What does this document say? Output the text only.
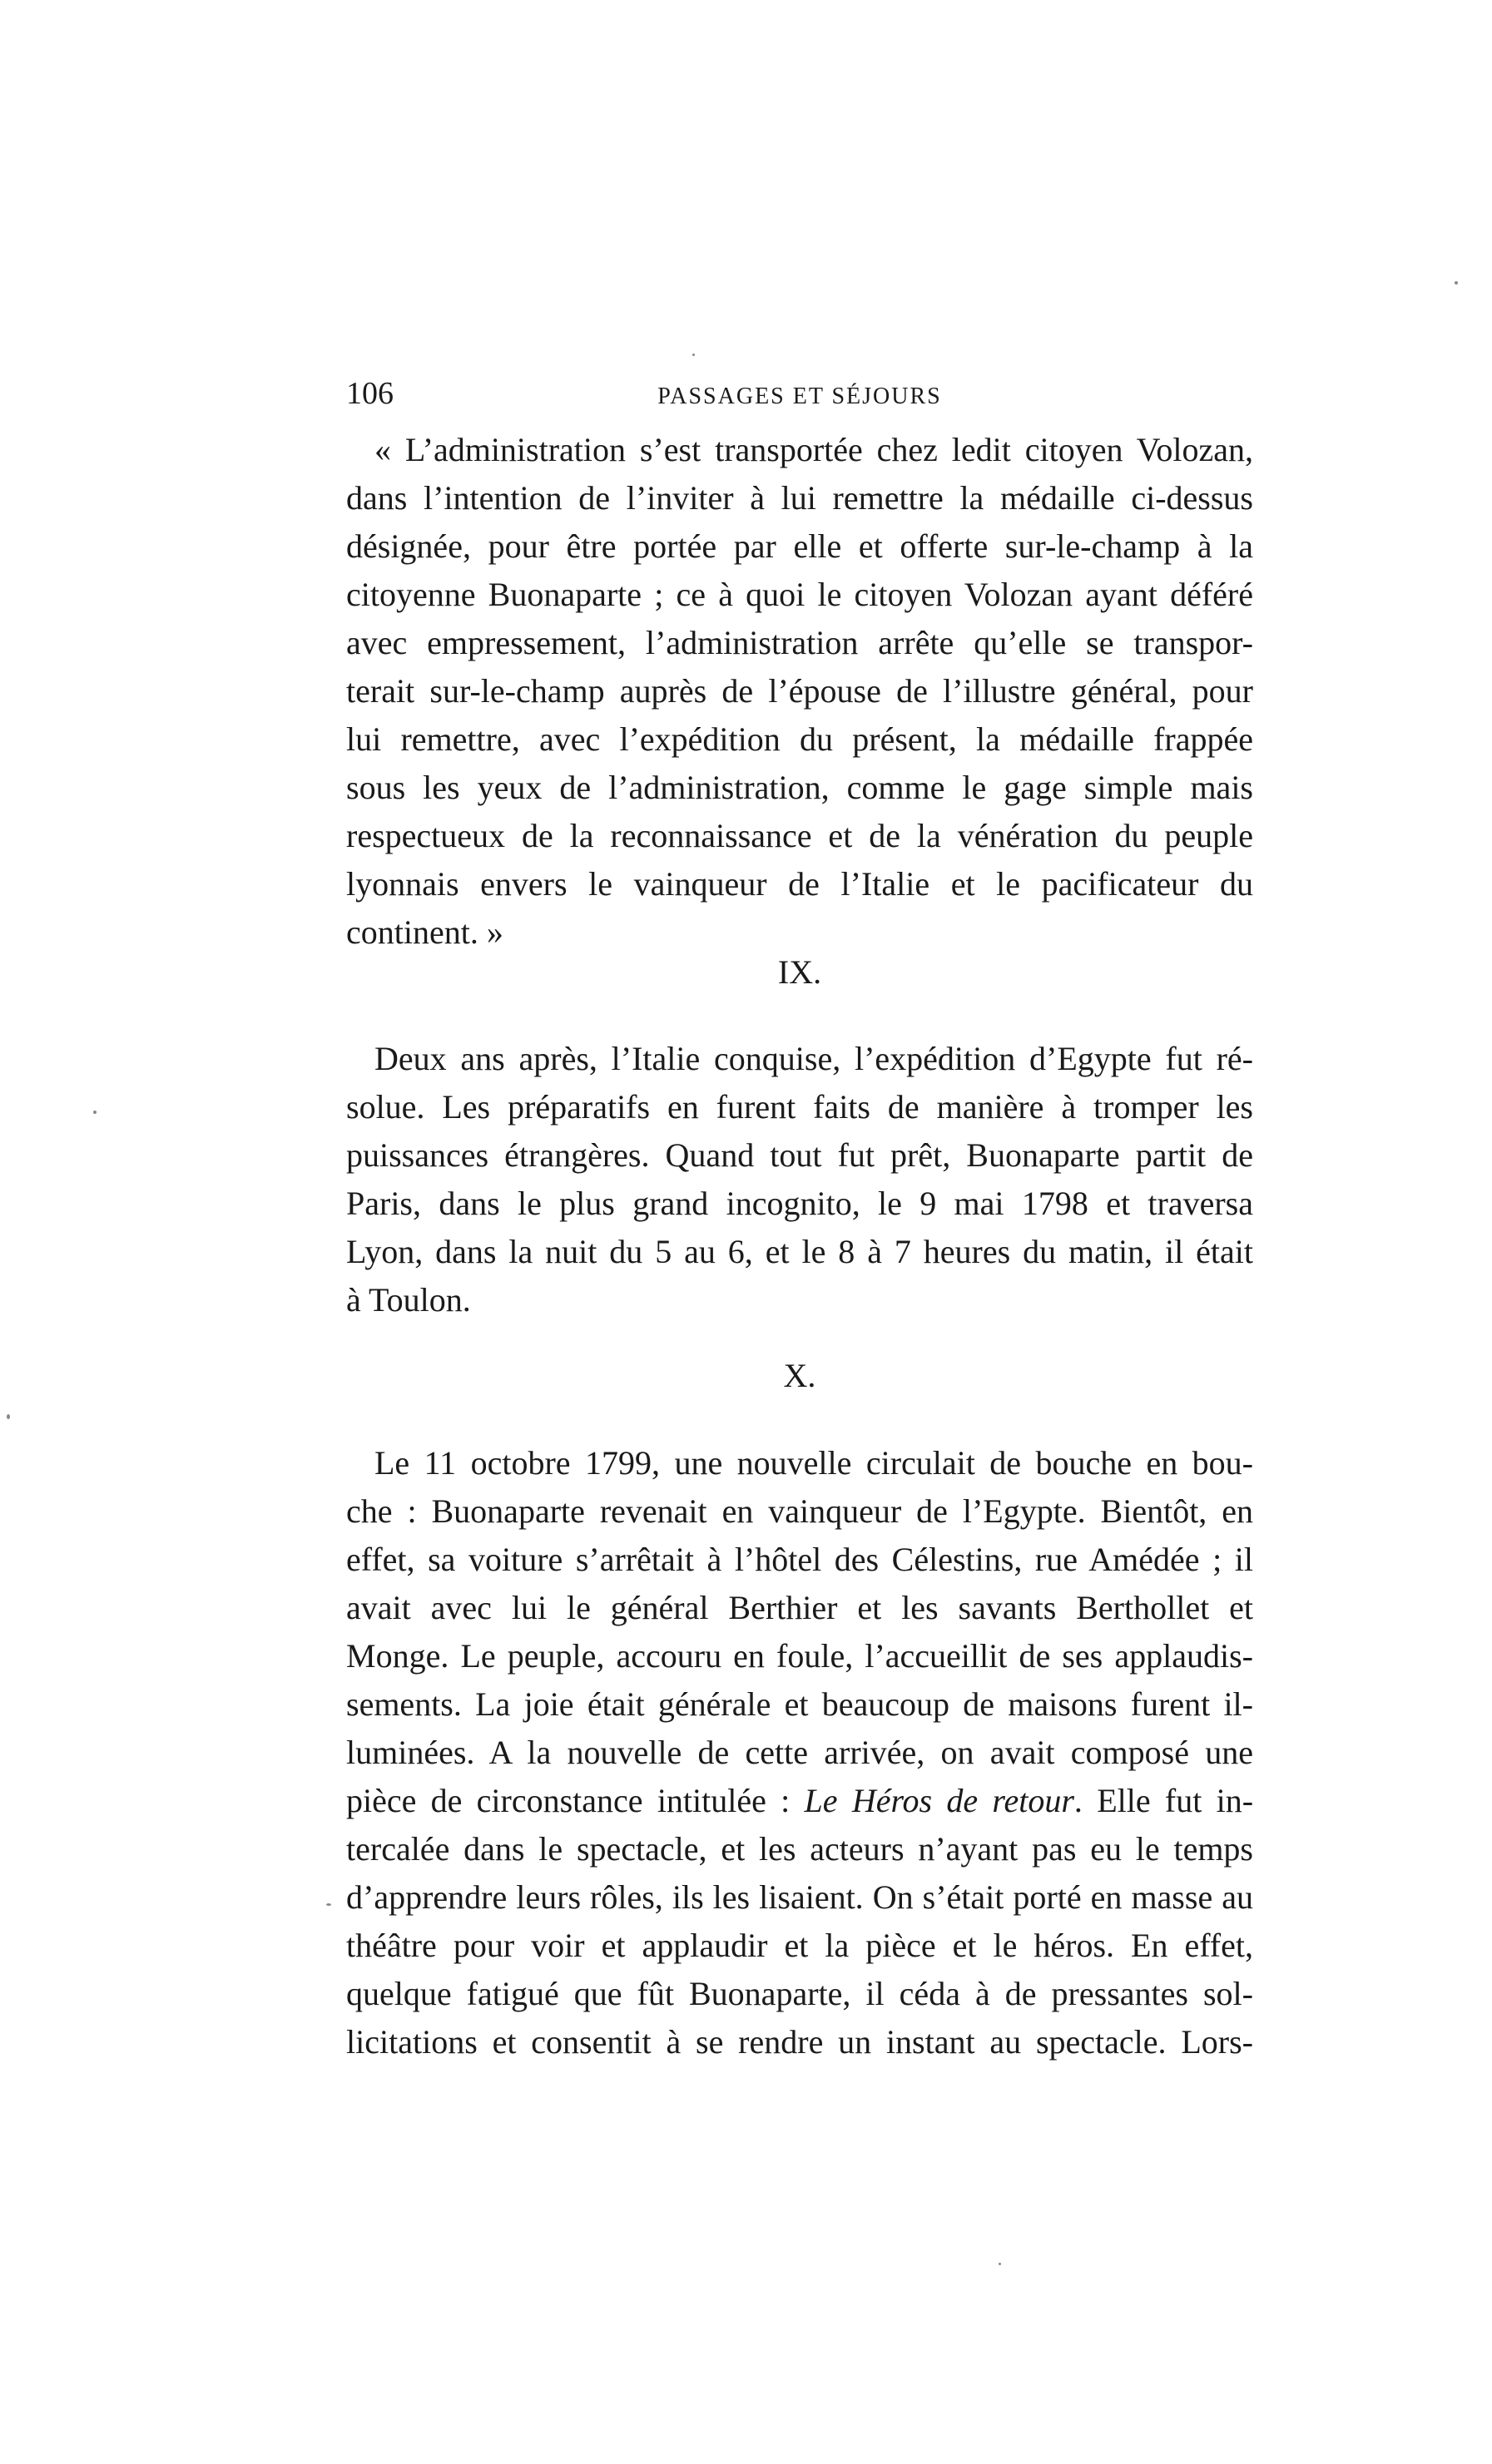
106	PASSAGES ET SÉJOURS
« L’administration s’est transportée chez ledit citoyen Volozan,
dans l’intention de l’inviter à lui remettre la médaille ci-dessus
désignée, pour être portée par elle et offerte sur-le-champ à la
citoyenne Buonaparte ; ce à quoi le citoyen Volozan ayant déféré
avec empressement, l’administration arrête qu’elle se transpor-
terait sur-le-champ auprès de l’épouse de l’illustre général, pour
lui remettre, avec l’expédition du présent, la médaille frappée
sous les yeux de l’administration, comme le gage simple mais
respectueux de la reconnaissance et de la vénération du peuple
lyonnais envers le vainqueur de l’Italie et le pacificateur du
continent. »
IX.
Deux ans après, l’Italie conquise, l’expédition d’Egypte fut ré-
solue. Les préparatifs en furent faits de manière à tromper les
puissances étrangères. Quand tout fut prêt, Buonaparte partit de
Paris, dans le plus grand incognito, le 9 mai 1798 et traversa
Lyon, dans la nuit du 5 au 6, et le 8 à 7 heures du matin, il était
à Toulon.
X.
Le 11 octobre 1799, une nouvelle circulait de bouche en bou-
che : Buonaparte revenait en vainqueur de l’Egypte. Bientôt, en
effet, sa voiture s’arrêtait à l’hôtel des Célestins, rue Amédée ; il
avait avec lui le général Berthier et les savants Berthollet et
Monge. Le peuple, accouru en foule, l’accueillit de ses applaudis-
sements. La joie était générale et beaucoup de maisons furent il-
luminées. A la nouvelle de cette arrivée, on avait composé une
pièce de circonstance intitulée : Le Héros de retour. Elle fut in-
tercalée dans le spectacle, et les acteurs n’ayant pas eu le temps
d’apprendre leurs rôles, ils les lisaient. On s’était porté en masse au
théâtre pour voir et applaudir et la pièce et le héros. En effet,
quelque fatigué que fût Buonaparte, il céda à de pressantes sol-
licitations et consentit à se rendre un instant au spectacle. Lors-
